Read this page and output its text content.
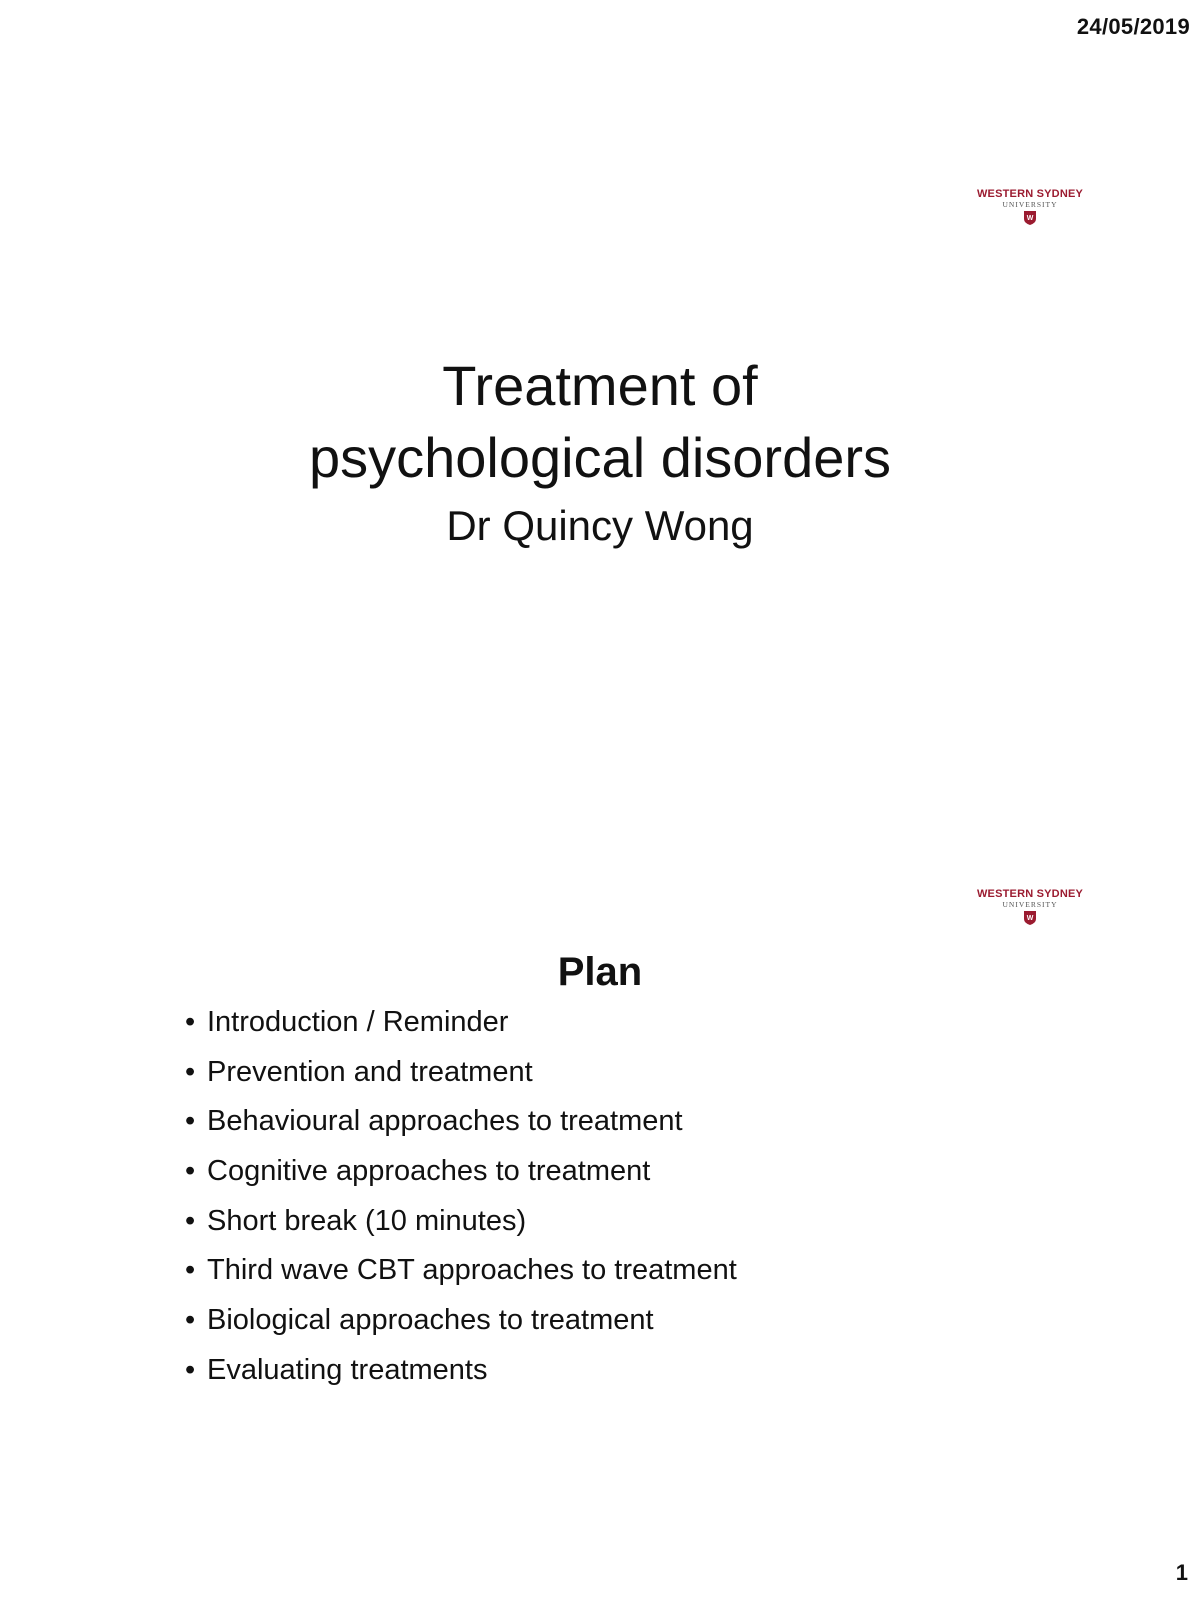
24/05/2019
WESTERN SYDNEY
UNIVERSITY
W
Treatment of
psychological disorders
Dr Quincy Wong
WESTERN SYDNEY
UNIVERSITY
W
Plan
• Introduction / Reminder
• Prevention and treatment
• Behavioural approaches to treatment
• Cognitive approaches to treatment
• Short break (10 minutes)
• Third wave CBT approaches to treatment
• Biological approaches to treatment
• Evaluating treatments
1
